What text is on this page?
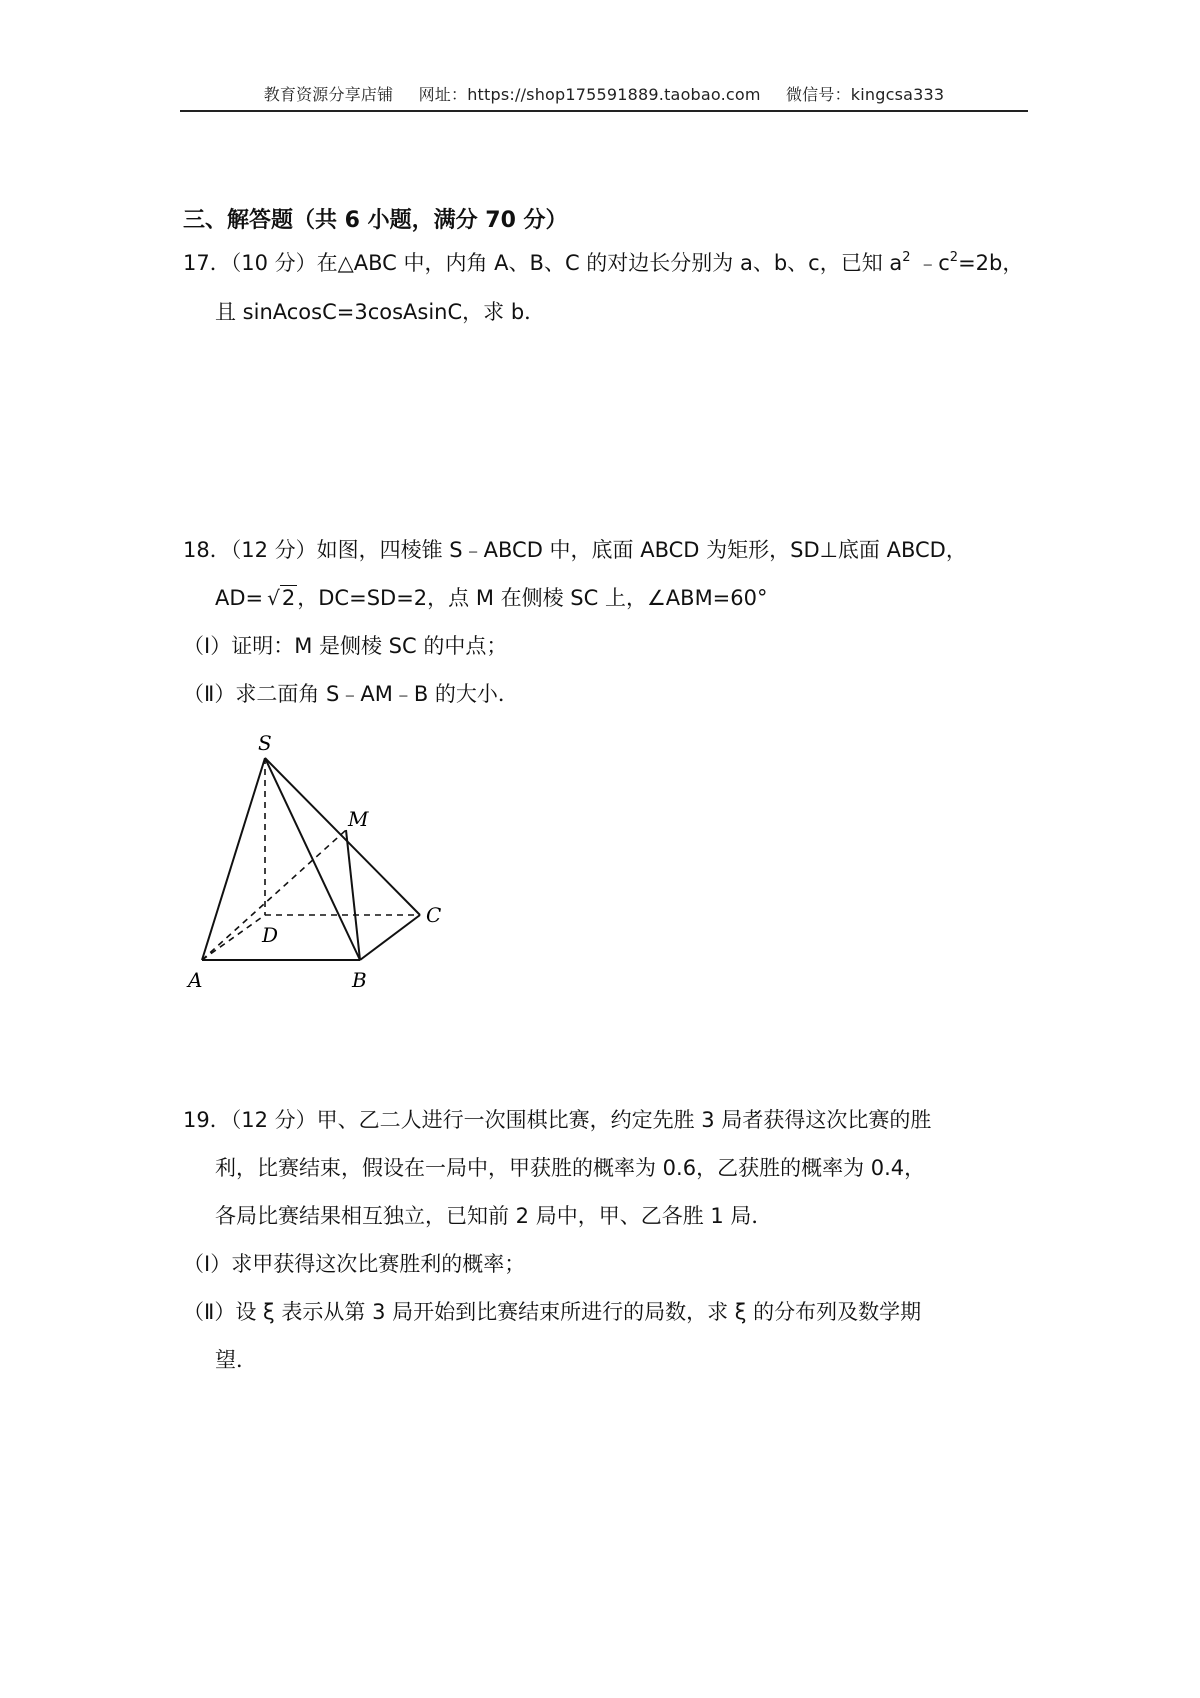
教育资源分享店铺 网址：https://shop175591889.taobao.com 微信号：kingcsa333
三、解答题（共 6 小题，满分 70 分）
17．（10 分）在△ABC 中，内角 A、B、C 的对边长分别为 a、b、c，已知 $a^2$ $﹣c^2=2b$，
且 sinAcosC=3cosAsinC，求 b．
18．（12 分）如图，四棱锥 S﹣ABCD 中，底面 ABCD 为矩形，SD⊥底面 ABCD，
AD= √2，DC=SD=2，点 M 在侧棱 SC 上，∠ABM=60°
（I）证明：M 是侧棱 SC 的中点；
（Ⅱ）求二面角 S﹣AM﹣B 的大小．
S
M
C
D
A	B
19．（12 分）甲、乙二人进行一次围棋比赛，约定先胜 3 局者获得这次比赛的胜
利，比赛结束，假设在一局中，甲获胜的概率为 0.6，乙获胜的概率为 0.4，
各局比赛结果相互独立，已知前 2 局中，甲、乙各胜 1 局．
（I）求甲获得这次比赛胜利的概率；
（Ⅱ）设 ξ 表示从第 3 局开始到比赛结束所进行的局数，求 ξ 的分布列及数学期
望．
